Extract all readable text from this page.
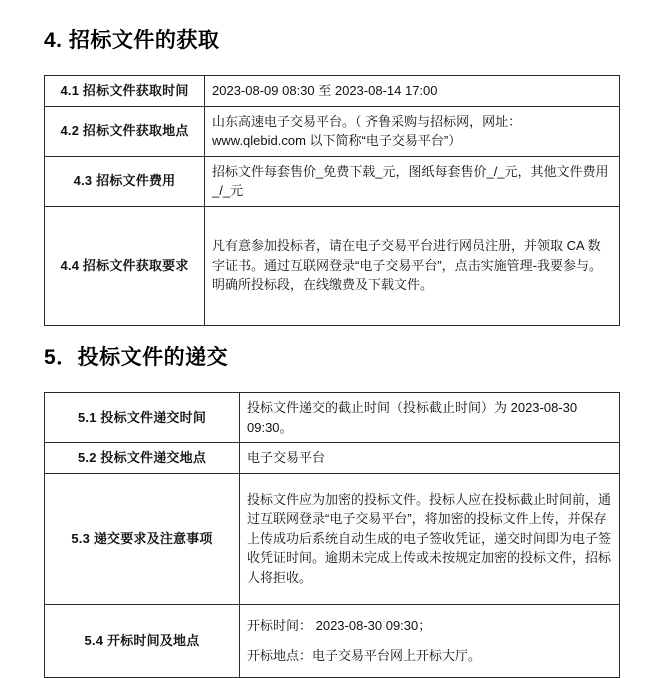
4. 招标文件的获取
4.1 招标文件获取时间	2023-08-09 08:30 至 2023-08-14 17:00
4.2 招标文件获取地点	山东高速电子交易平台。（ 齐鲁采购与招标网，网址：www.qlebid.com 以下简称“电子交易平台”）
4.3 招标文件费用	招标文件每套售价_免费下载_元，图纸每套售价_/_元，其他文件费用_/_元
4.4 招标文件获取要求	凡有意参加投标者，请在电子交易平台进行网员注册，并领取 CA 数字证书。通过互联网登录“电子交易平台”，点击实施管理-我要参与。明确所投标段，在线缴费及下载文件。
5．投标文件的递交
5.1 投标文件递交时间	投标文件递交的截止时间（投标截止时间）为 2023-08-30 09:30。
5.2 投标文件递交地点	电子交易平台
5.3 递交要求及注意事项	投标文件应为加密的投标文件。投标人应在投标截止时间前，通过互联网登录“电子交易平台”，将加密的投标文件上传，并保存上传成功后系统自动生成的电子签收凭证，递交时间即为电子签收凭证时间。逾期未完成上传或未按规定加密的投标文件，招标人将拒收。
5.4 开标时间及地点	开标时间： 2023-08-30 09:30；
开标地点：电子交易平台网上开标大厅。
